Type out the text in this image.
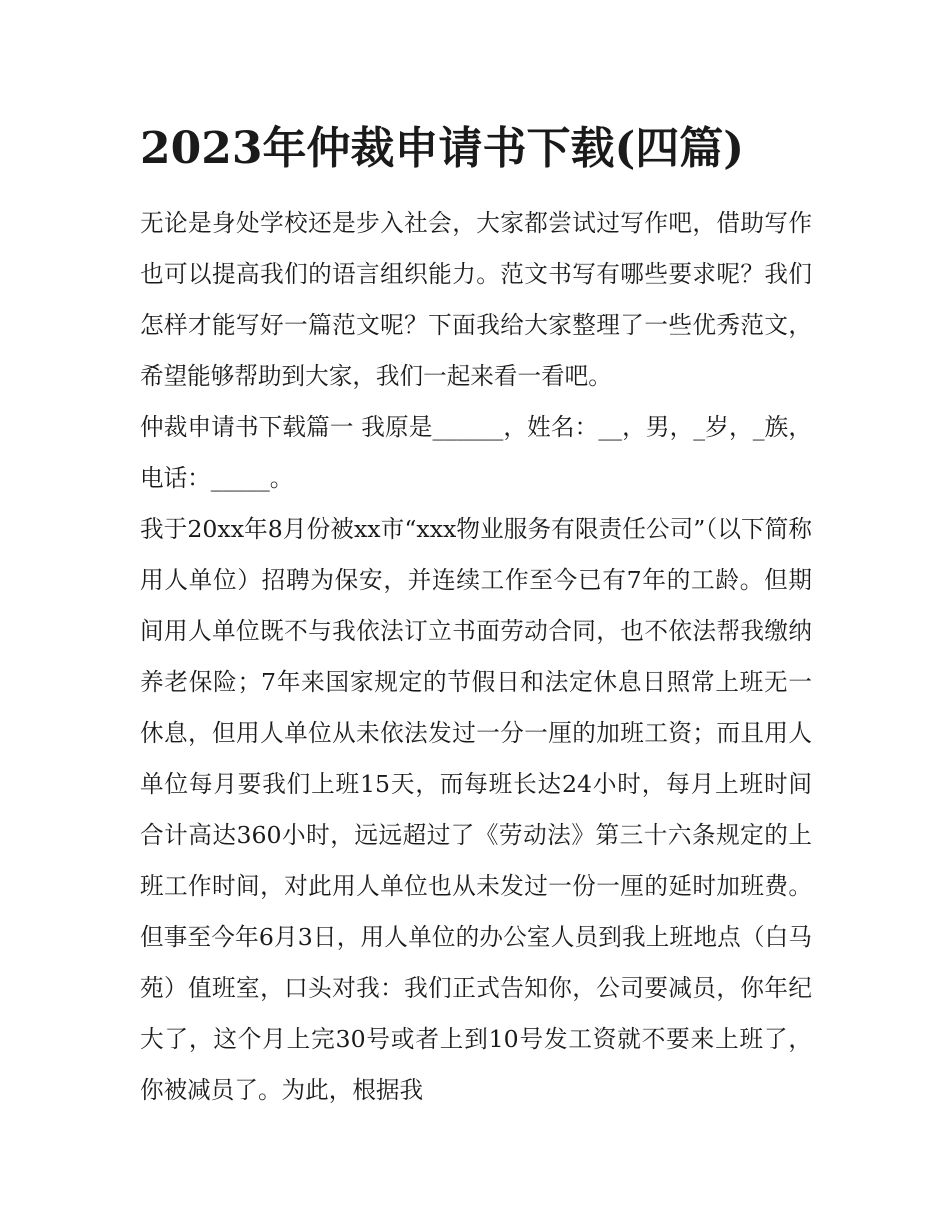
2023年仲裁申请书下载(四篇)

无论是身处学校还是步入社会，大家都尝试过写作吧，借助写作也可以提高我们的语言组织能力。范文书写有哪些要求呢？我们怎样才能写好一篇范文呢？下面我给大家整理了一些优秀范文，希望能够帮助到大家，我们一起来看一看吧。

仲裁申请书下载篇一 我原是______，姓名：__，男，_岁，_族，电话：_____。

我于20xx年8月份被xx市“xxx物业服务有限责任公司”（以下简称用人单位）招聘为保安，并连续工作至今已有7年的工龄。但期间用人单位既不与我依法订立书面劳动合同，也不依法帮我缴纳养老保险；7年来国家规定的节假日和法定休息日照常上班无一休息，但用人单位从未依法发过一分一厘的加班工资；而且用人单位每月要我们上班15天，而每班长达24小时，每月上班时间合计高达360小时，远远超过了《劳动法》第三十六条规定的上班工作时间，对此用人单位也从未发过一份一厘的延时加班费。但事至今年6月3日，用人单位的办公室人员到我上班地点（白马苑）值班室，口头对我：我们正式告知你，公司要减员，你年纪大了，这个月上完30号或者上到10号发工资就不要来上班了，你被减员了。为此，根据我
